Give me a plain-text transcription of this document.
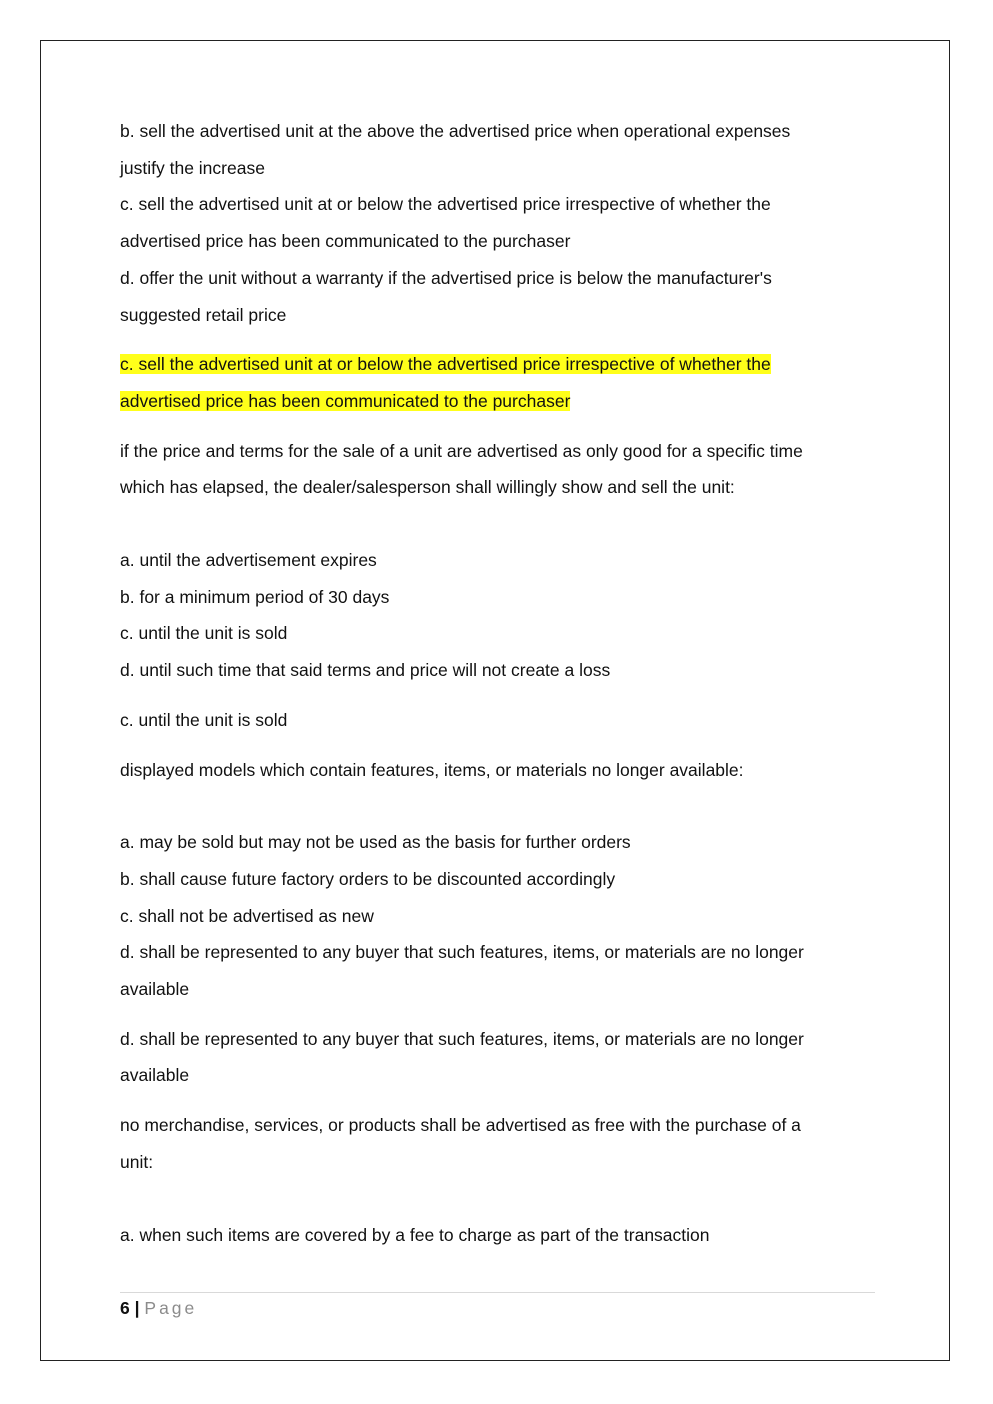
b. sell the advertised unit at the above the advertised price when operational expenses

justify the increase

c. sell the advertised unit at or below the advertised price irrespective of whether the

advertised price has been communicated to the purchaser

d. offer the unit without a warranty if the advertised price is below the manufacturer's

suggested retail price

c. sell the advertised unit at or below the advertised price irrespective of whether the

advertised price has been communicated to the purchaser

if the price and terms for the sale of a unit are advertised as only good for a specific time

which has elapsed, the dealer/salesperson shall willingly show and sell the unit:

a. until the advertisement expires

b. for a minimum period of 30 days

c. until the unit is sold

d. until such time that said terms and price will not create a loss

c. until the unit is sold

displayed models which contain features, items, or materials no longer available:

a. may be sold but may not be used as the basis for further orders

b. shall cause future factory orders to be discounted accordingly

c. shall not be advertised as new

d. shall be represented to any buyer that such features, items, or materials are no longer

available

d. shall be represented to any buyer that such features, items, or materials are no longer

available

no merchandise, services, or products shall be advertised as free with the purchase of a

unit:

a. when such items are covered by a fee to charge as part of the transaction

6 | Page
